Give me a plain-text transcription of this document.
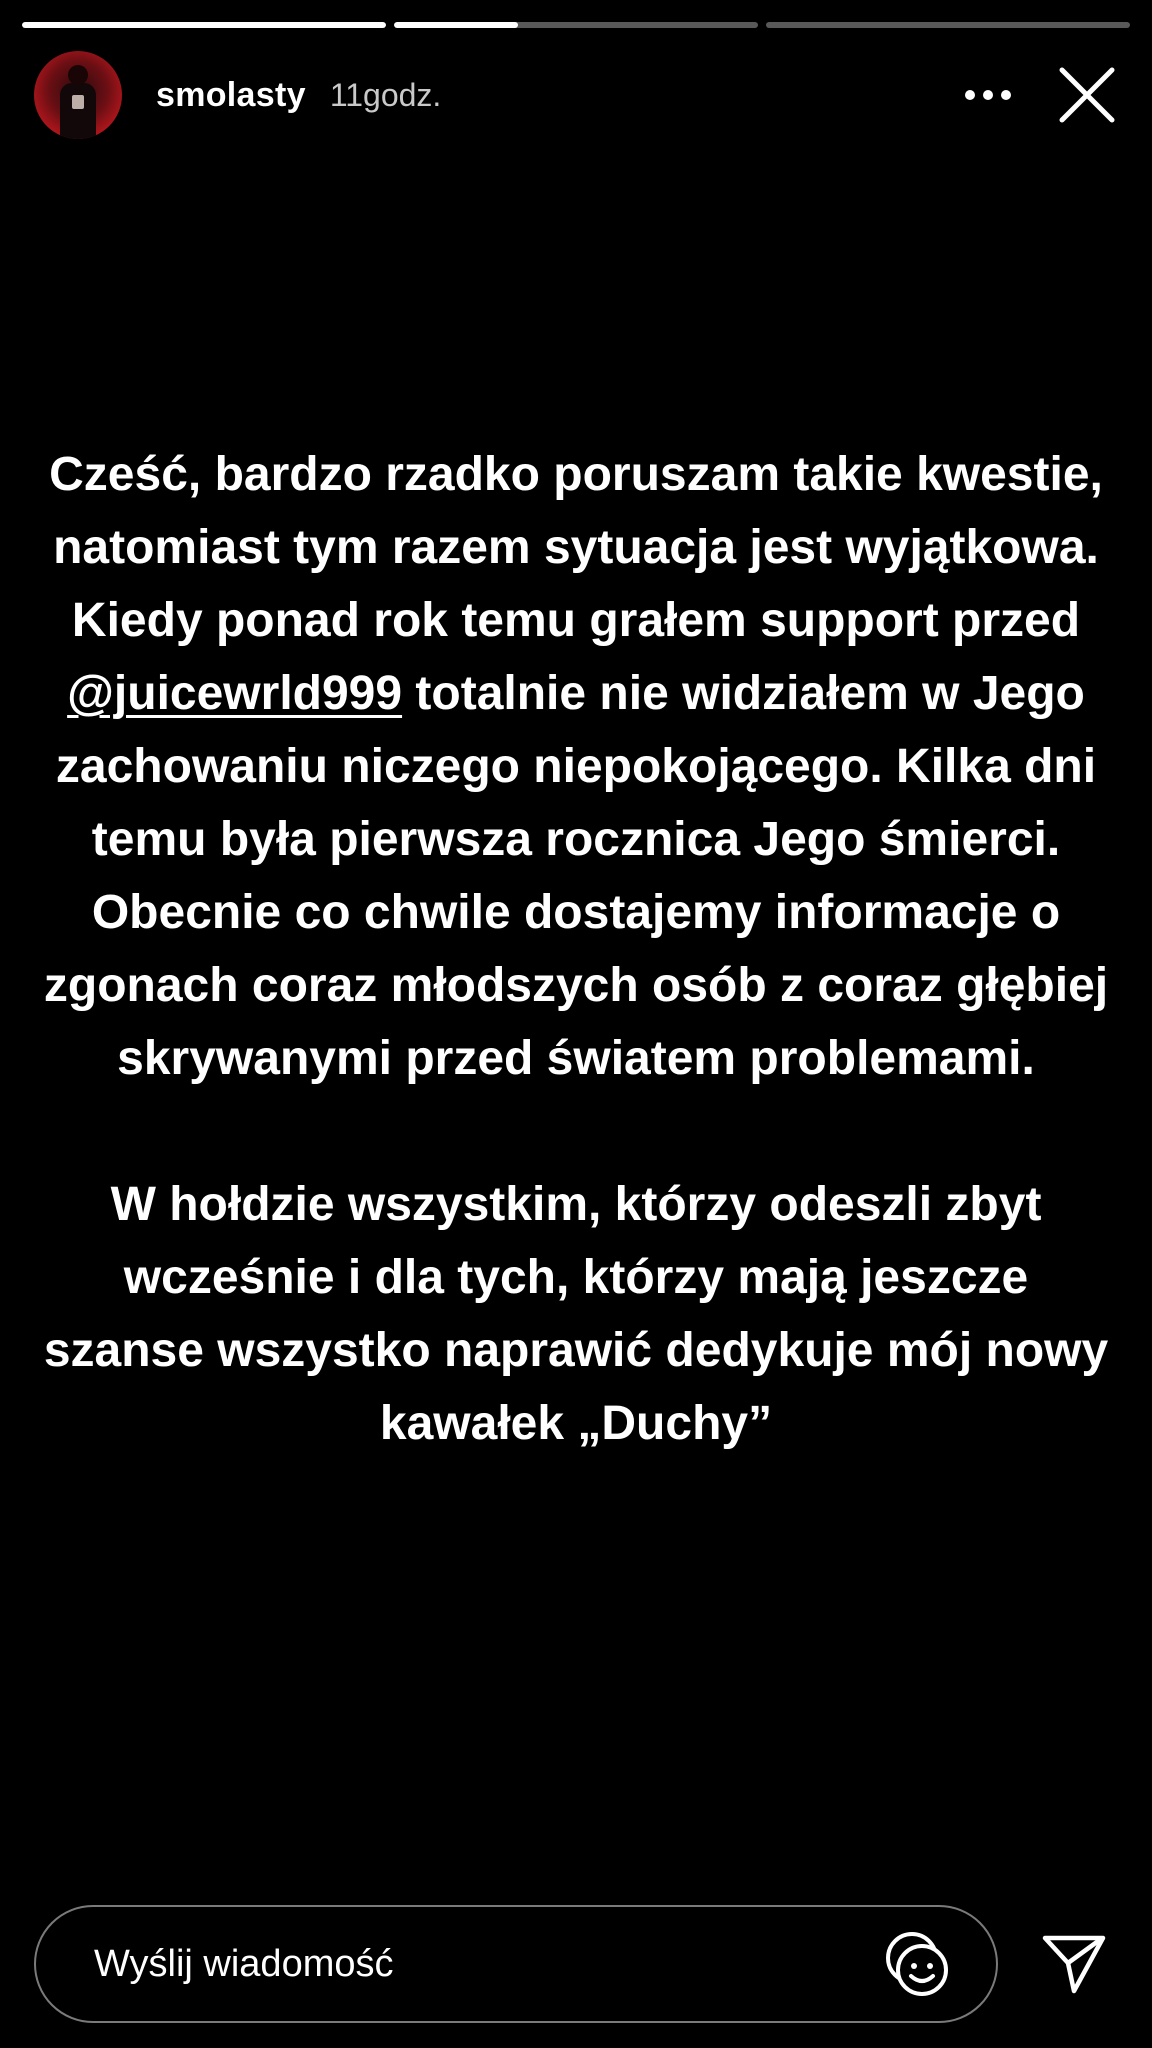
smolasty 11godz.

Cześć, bardzo rzadko poruszam takie kwestie, natomiast tym razem sytuacja jest wyjątkowa. Kiedy ponad rok temu grałem support przed @juicewrld999 totalnie nie widziałem w Jego zachowaniu niczego niepokojącego. Kilka dni temu była pierwsza rocznica Jego śmierci. Obecnie co chwile dostajemy informacje o zgonach coraz młodszych osób z coraz głębiej skrywanymi przed światem problemami.

W hołdzie wszystkim, którzy odeszli zbyt wcześnie i dla tych, którzy mają jeszcze szanse wszystko naprawić dedykuje mój nowy kawałek „Duchy”

Wyślij wiadomość
